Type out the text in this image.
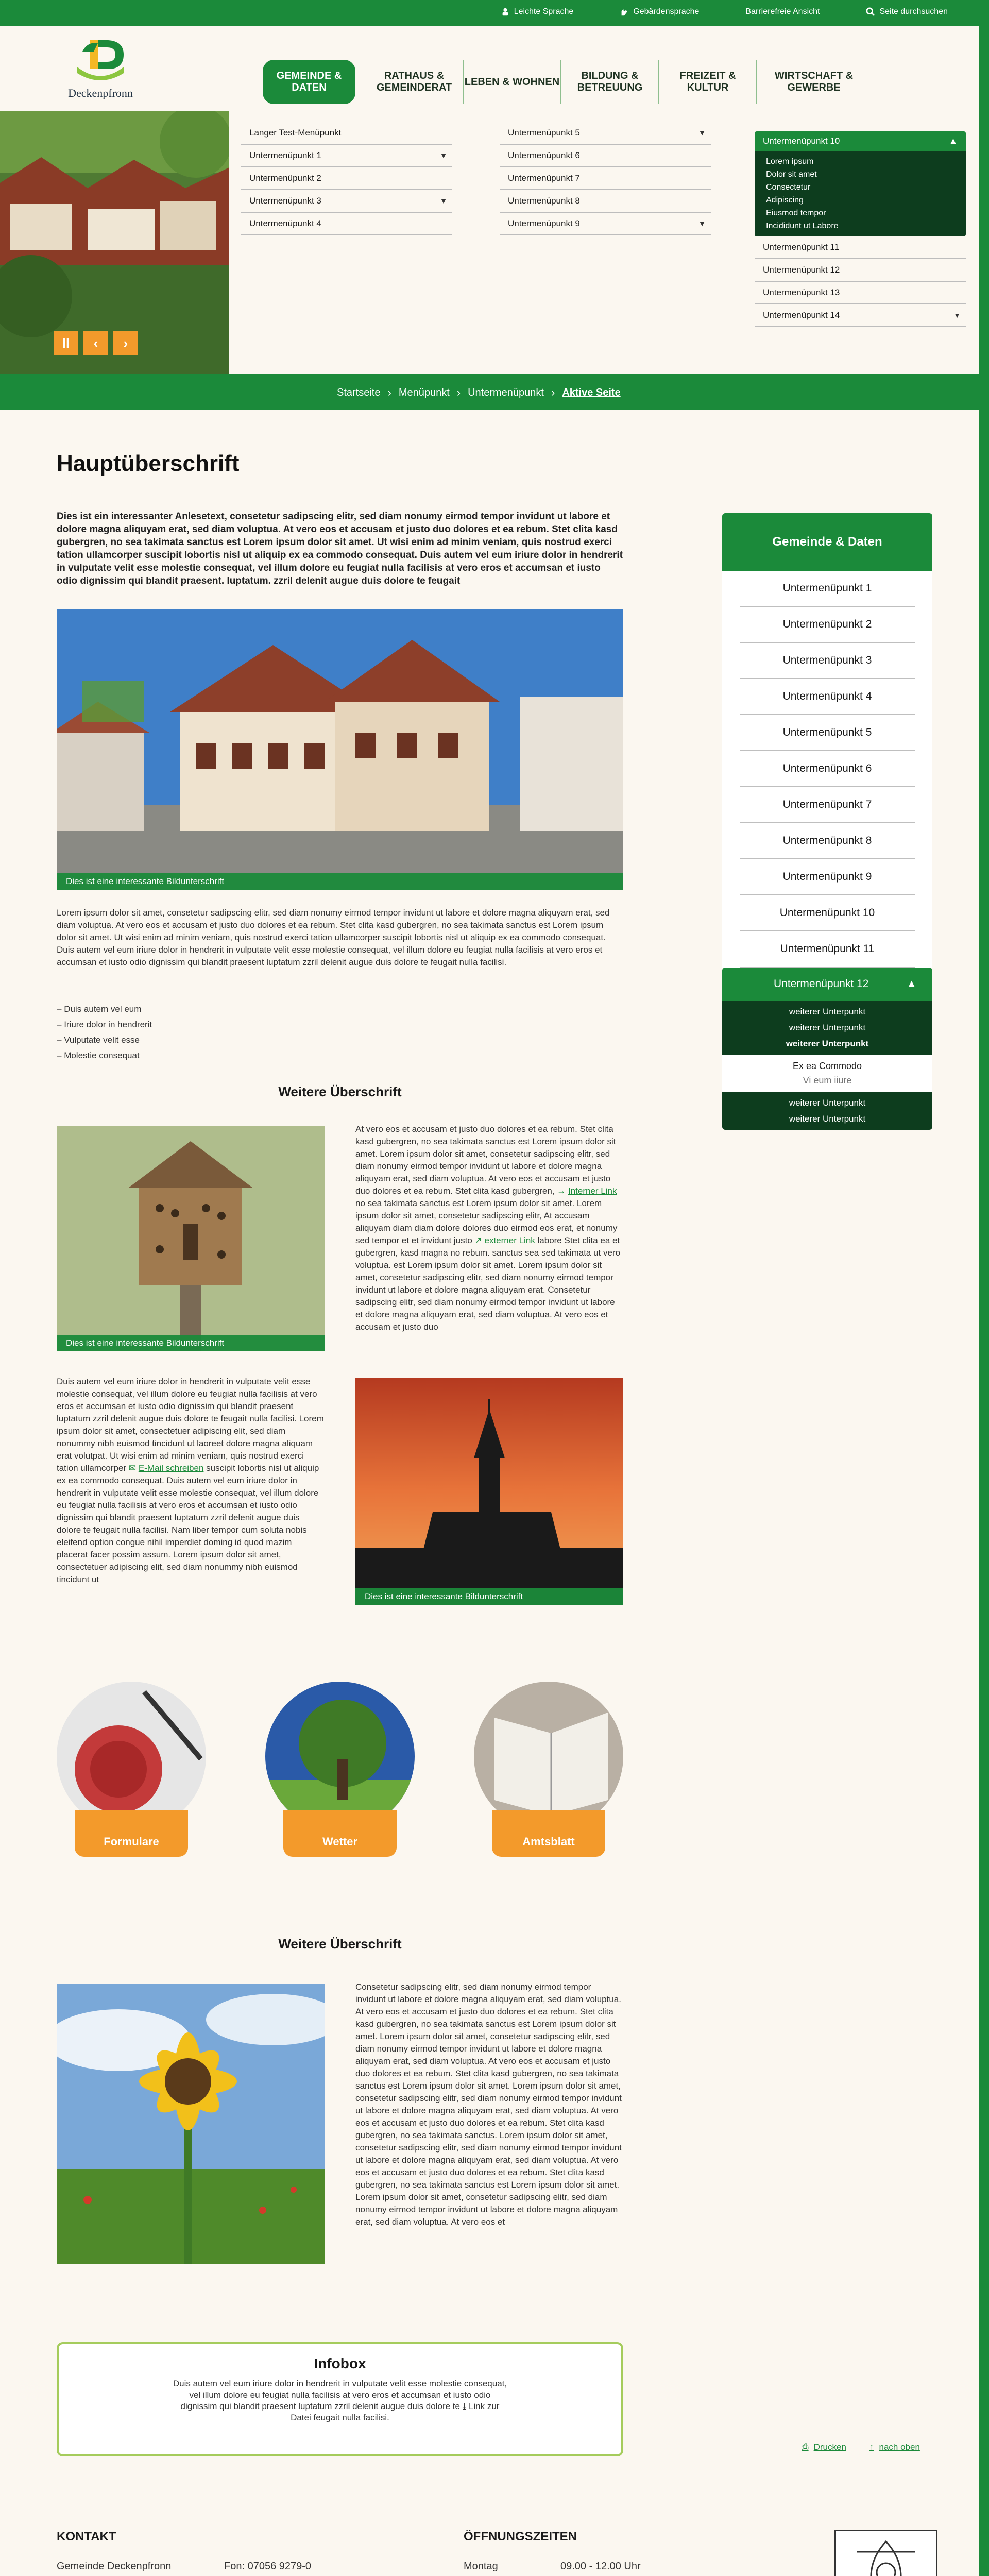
Leichte Sprache	Gebärdensprache	Barrierefreie Ansicht	Seite durchsuchen
Deckenpfronn
GEMEINDE & DATEN
RATHAUS & GEMEINDERAT
LEBEN & WOHNEN
BILDUNG & BETREUUNG
FREIZEIT & KULTUR
WIRTSCHAFT & GEWERBE
II	‹	›
Langer Test-Menüpunkt
Untermenüpunkt 1	▼
Untermenüpunkt 2
Untermenüpunkt 3	▼
Untermenüpunkt 4
Untermenüpunkt 5	▼
Untermenüpunkt 6
Untermenüpunkt 7
Untermenüpunkt 8
Untermenüpunkt 9	▼
Untermenüpunkt 10	▲
Lorem ipsum
Dolor sit amet
Consectetur
Adipiscing
Eiusmod tempor
Incididunt ut Labore
Untermenüpunkt 11
Untermenüpunkt 12
Untermenüpunkt 13
Untermenüpunkt 14	▼
Startseite › Menüpunkt › Untermenüpunkt › Aktive Seite
Hauptüberschrift
Dies ist ein interessanter Anlesetext, consetetur sadipscing elitr, sed diam nonumy eirmod tempor invidunt ut labore et dolore magna aliquyam erat, sed diam voluptua. At vero eos et accusam et justo duo dolores et ea rebum. Stet clita kasd gubergren, no sea takimata sanctus est Lorem ipsum dolor sit amet. Ut wisi enim ad minim veniam, quis nostrud exerci tation ullamcorper suscipit lobortis nisl ut aliquip ex ea commodo consequat. Duis autem vel eum iriure dolor in hendrerit in vulputate velit esse molestie consequat, vel illum dolore eu feugiat nulla facilisis at vero eros et accumsan et iusto odio dignissim qui blandit praesent. luptatum. zzril delenit augue duis dolore te feugait
Dies ist eine interessante Bildunterschrift
Lorem ipsum dolor sit amet, consetetur sadipscing elitr, sed diam nonumy eirmod tempor invidunt ut labore et dolore magna aliquyam erat, sed diam voluptua. At vero eos et accusam et justo duo dolores et ea rebum. Stet clita kasd gubergren, no sea takimata sanctus est Lorem ipsum dolor sit amet. Ut wisi enim ad minim veniam, quis nostrud exerci tation ullamcorper suscipit lobortis nisl ut aliquip ex ea commodo consequat. Duis autem vel eum iriure dolor in hendrerit in vulputate velit esse molestie consequat, vel illum dolore eu feugiat nulla facilisis at vero eros et accumsan et iusto odio dignissim qui blandit praesent luptatum zzril delenit augue duis dolore te feugait nulla facilisi.
– Duis autem vel eum
– Iriure dolor in hendrerit
– Vulputate velit esse
– Molestie consequat
Weitere Überschrift
Dies ist eine interessante Bildunterschrift
At vero eos et accusam et justo duo dolores et ea rebum. Stet clita kasd gubergren, no sea takimata sanctus est Lorem ipsum dolor sit amet. Lorem ipsum dolor sit amet, consetetur sadipscing elitr, sed diam nonumy eirmod tempor invidunt ut labore et dolore magna aliquyam erat, sed diam voluptua. At vero eos et accusam et justo duo dolores et ea rebum. Stet clita kasd gubergren, → Interner Link no sea takimata sanctus est Lorem ipsum dolor sit amet. Lorem ipsum dolor sit amet, consetetur sadipscing elitr, At accusam aliquyam diam diam dolore dolores duo eirmod eos erat, et nonumy sed tempor et et invidunt justo ↗ externer Link labore Stet clita ea et gubergren, kasd magna no rebum. sanctus sea sed takimata ut vero voluptua. est Lorem ipsum dolor sit amet. Lorem ipsum dolor sit amet, consetetur sadipscing elitr, sed diam nonumy eirmod tempor invidunt ut labore et dolore magna aliquyam erat. Consetetur sadipscing elitr, sed diam nonumy eirmod tempor invidunt ut labore et dolore magna aliquyam erat, sed diam voluptua. At vero eos et accusam et justo duo
Duis autem vel eum iriure dolor in hendrerit in vulputate velit esse molestie consequat, vel illum dolore eu feugiat nulla facilisis at vero eros et accumsan et iusto odio dignissim qui blandit praesent luptatum zzril delenit augue duis dolore te feugait nulla facilisi. Lorem ipsum dolor sit amet, consectetuer adipiscing elit, sed diam nonummy nibh euismod tincidunt ut laoreet dolore magna aliquam erat volutpat. Ut wisi enim ad minim veniam, quis nostrud exerci tation ullamcorper ✉ E-Mail schreiben suscipit lobortis nisl ut aliquip ex ea commodo consequat. Duis autem vel eum iriure dolor in hendrerit in vulputate velit esse molestie consequat, vel illum dolore eu feugiat nulla facilisis at vero eros et accumsan et iusto odio dignissim qui blandit praesent luptatum zzril delenit augue duis dolore te feugait nulla facilisi. Nam liber tempor cum soluta nobis eleifend option congue nihil imperdiet doming id quod mazim placerat facer possim assum. Lorem ipsum dolor sit amet, consectetuer adipiscing elit, sed diam nonummy nibh euismod tincidunt ut
Dies ist eine interessante Bildunterschrift
Formulare	Wetter	Amtsblatt
Weitere Überschrift
Consetetur sadipscing elitr, sed diam nonumy eirmod tempor invidunt ut labore et dolore magna aliquyam erat, sed diam voluptua. At vero eos et accusam et justo duo dolores et ea rebum. Stet clita kasd gubergren, no sea takimata sanctus est Lorem ipsum dolor sit amet. Lorem ipsum dolor sit amet, consetetur sadipscing elitr, sed diam nonumy eirmod tempor invidunt ut labore et dolore magna aliquyam erat, sed diam voluptua. At vero eos et accusam et justo duo dolores et ea rebum. Stet clita kasd gubergren, no sea takimata sanctus est Lorem ipsum dolor sit amet. Lorem ipsum dolor sit amet, consetetur sadipscing elitr, sed diam nonumy eirmod tempor invidunt ut labore et dolore magna aliquyam erat, sed diam voluptua. At vero eos et accusam et justo duo dolores et ea rebum. Stet clita kasd gubergren, no sea takimata sanctus. Lorem ipsum dolor sit amet, consetetur sadipscing elitr, sed diam nonumy eirmod tempor invidunt ut labore et dolore magna aliquyam erat, sed diam voluptua. At vero eos et accusam et justo duo dolores et ea rebum. Stet clita kasd gubergren, no sea takimata sanctus est Lorem ipsum dolor sit amet. Lorem ipsum dolor sit amet, consetetur sadipscing elitr, sed diam nonumy eirmod tempor invidunt ut labore et dolore magna aliquyam erat, sed diam voluptua. At vero eos et
Gemeinde & Daten
Untermenüpunkt 1
Untermenüpunkt 2
Untermenüpunkt 3
Untermenüpunkt 4
Untermenüpunkt 5
Untermenüpunkt 6
Untermenüpunkt 7
Untermenüpunkt 8
Untermenüpunkt 9
Untermenüpunkt 10
Untermenüpunkt 11
Untermenüpunkt 12	▲
weiterer Unterpunkt
weiterer Unterpunkt
weiterer Unterpunkt
Ex ea Commodo
Vi eum iiure
weiterer Unterpunkt
weiterer Unterpunkt
Infobox

Duis autem vel eum iriure dolor in hendrerit in vulputate velit esse molestie consequat, vel illum dolore eu feugiat nulla facilisis at vero eros et accumsan et iusto odio dignissim qui blandit praesent luptatum zzril delenit augue duis dolore te ⤓ Link zur Datei feugait nulla facilisi.

⎙ Drucken	↑ nach oben
KONTAKT
Gemeinde Deckenpfronn	Fon: 07056 9279-0
ÖFFNUNGSZEITEN
Montag	09.00 - 12.00 Uhr
